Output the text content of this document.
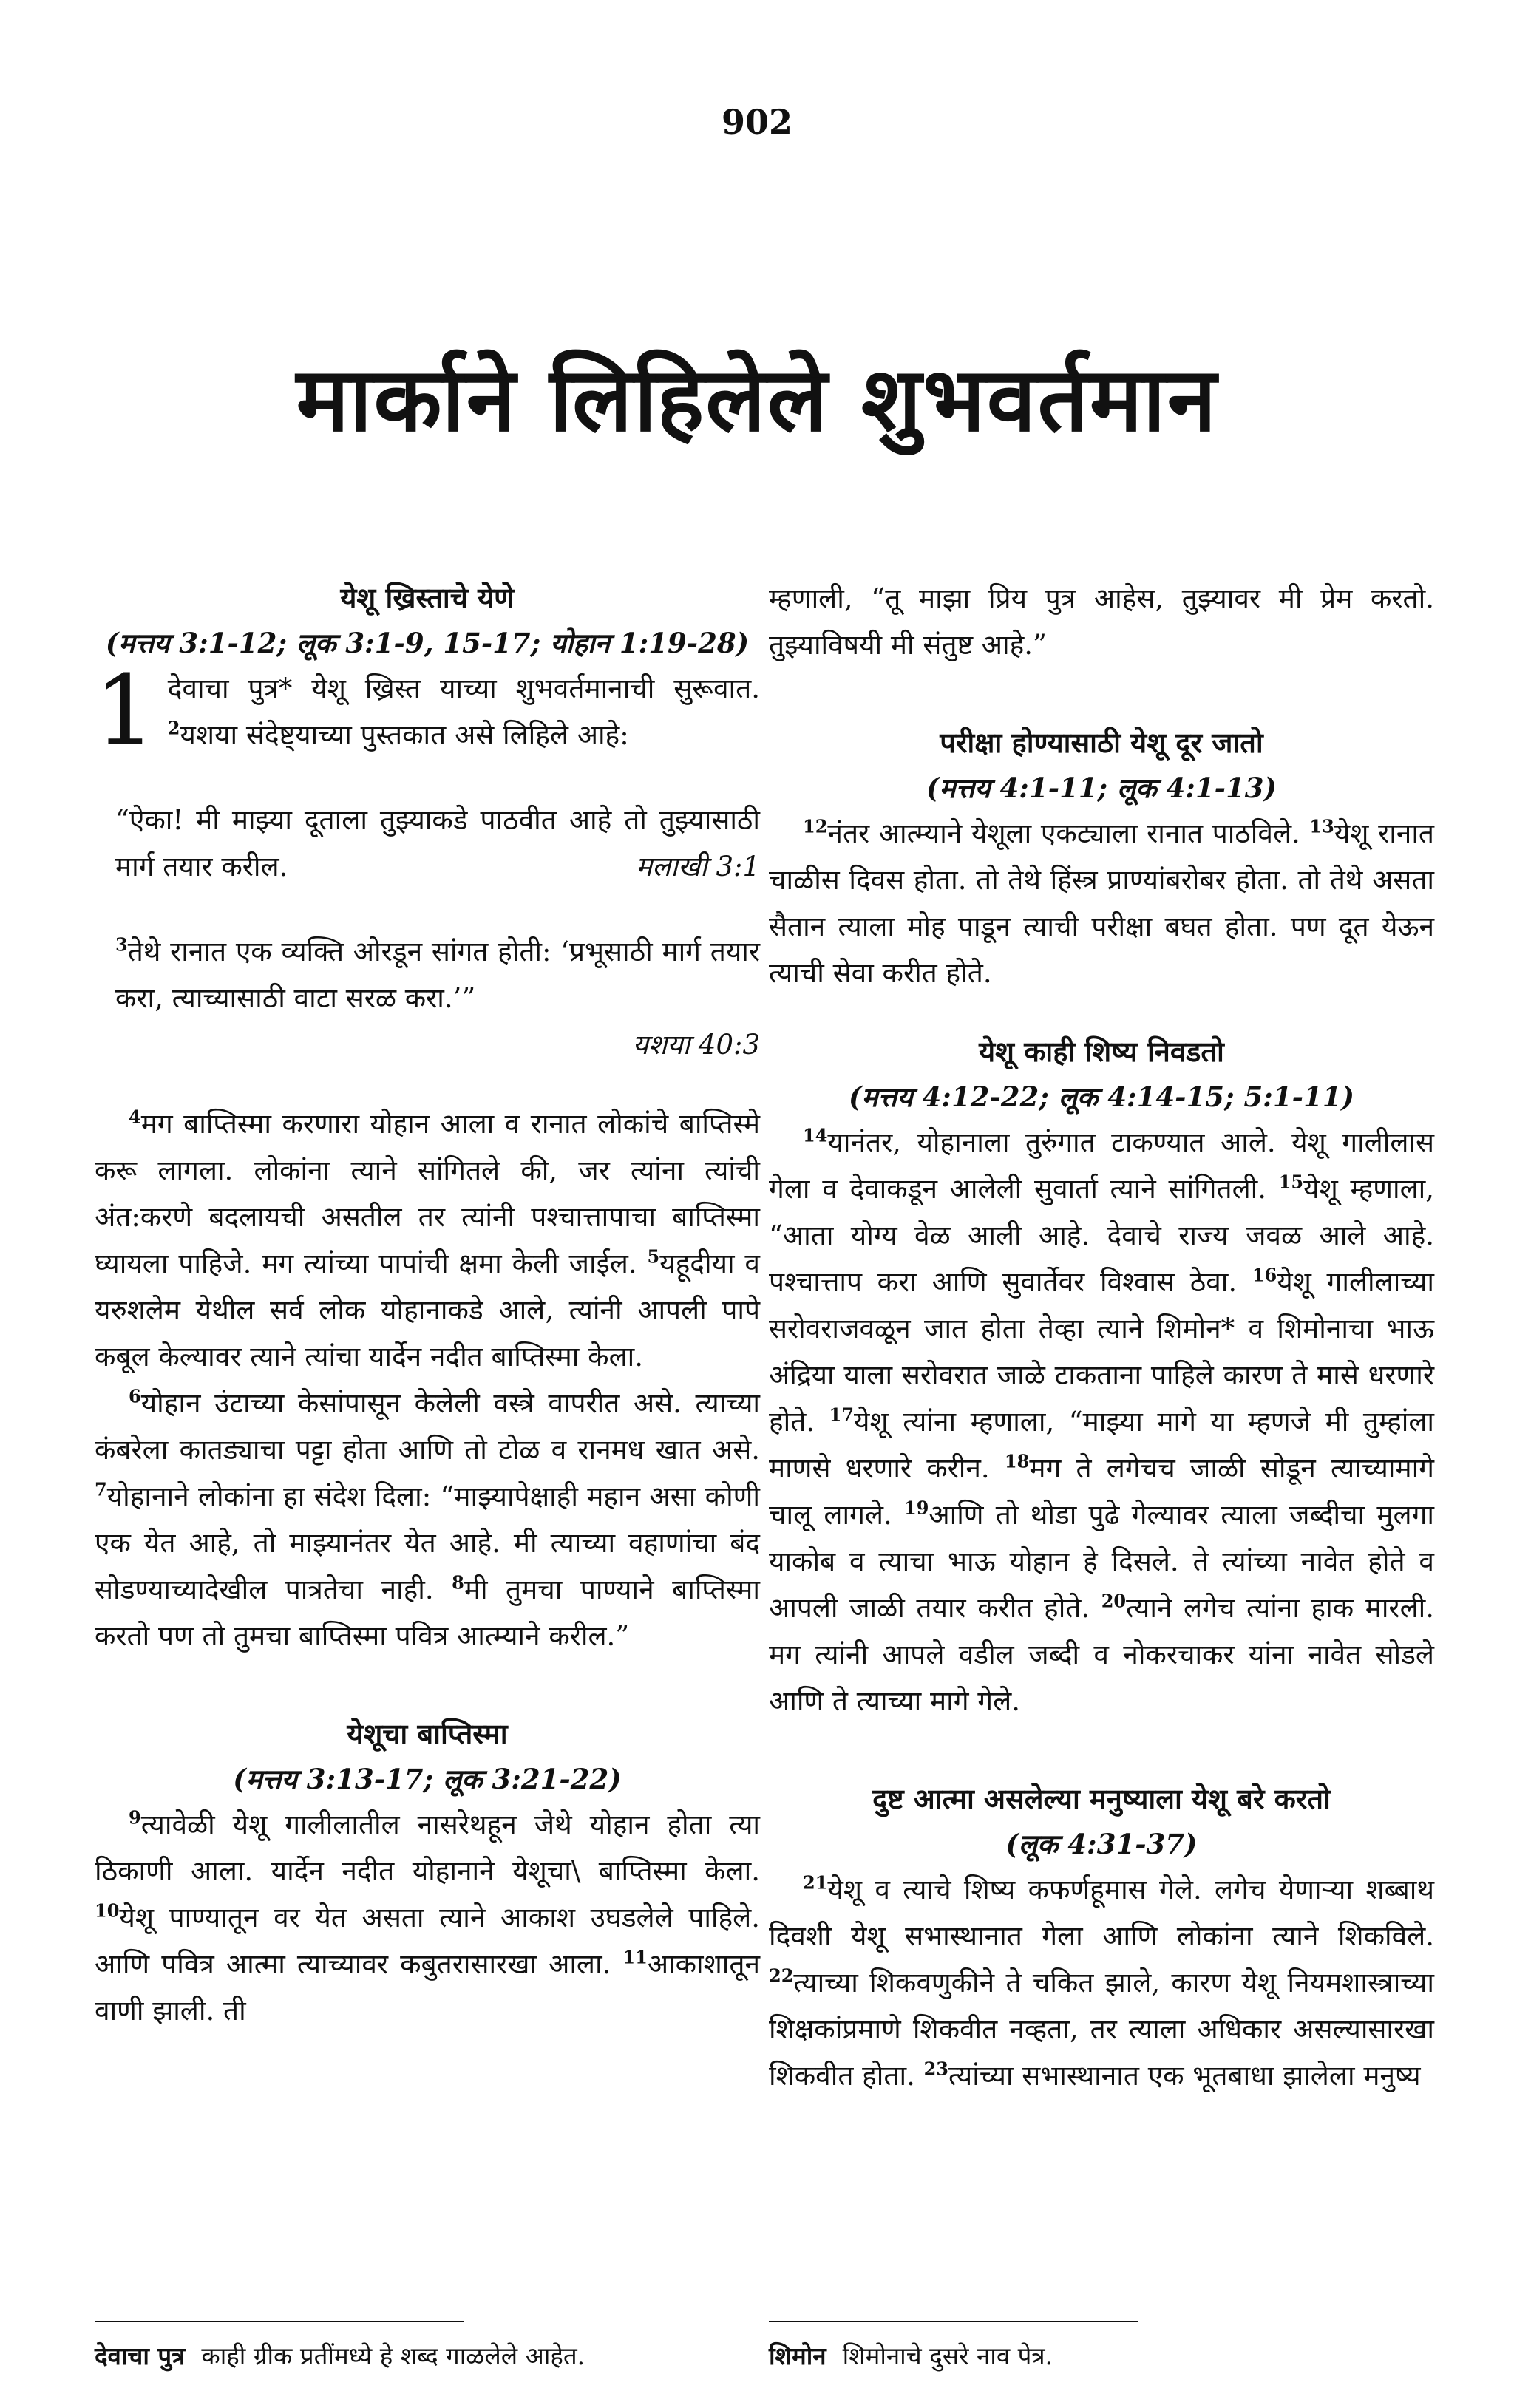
902
मार्काने लिहिलेले शुभवर्तमान

येशू ख्रिस्ताचे येणे

(मत्तय 3:1-12; लूक 3:1-9, 15-17; योहान 1:19-28)

1 देवाचा पुत्र* येशू ख्रिस्त याच्या शुभवर्तमानाची सुरूवात. $^2$यशया संदेष्ट्याच्या पुस्तकात असे लिहिले आहे:

“ऐका! मी माझ्या दूताला तुझ्याकडे पाठवीत आहे तो तुझ्यासाठी मार्ग तयार करील.	मलाखी 3:1

$^3$तेथे रानात एक व्यक्ति ओरडून सांगत होती: ‘प्रभूसाठी मार्ग तयार करा, त्याच्यासाठी वाटा सरळ करा.’”

यशया 40:3

$^4$मग बाप्तिस्मा करणारा योहान आला व रानात लोकांचे बाप्तिस्मे करू लागला. लोकांना त्याने सांगितले की, जर त्यांना त्यांची अंत:करणे बदलायची असतील तर त्यांनी पश्चात्तापाचा बाप्तिस्मा घ्यायला पाहिजे. मग त्यांच्या पापांची क्षमा केली जाईल. $^5$यहूदीया व यरुशलेम येथील सर्व लोक योहानाकडे आले, त्यांनी आपली पापे कबूल केल्यावर त्याने त्यांचा यार्देन नदीत बाप्तिस्मा केला.

$^6$योहान उंटाच्या केसांपासून केलेली वस्त्रे वापरीत असे. त्याच्या कंबरेला कातड्याचा पट्टा होता आणि तो टोळ व रानमध खात असे. $^7$योहानाने लोकांना हा संदेश दिला: “माझ्यापेक्षाही महान असा कोणी एक येत आहे, तो माझ्यानंतर येत आहे. मी त्याच्या वहाणांचा बंद सोडण्याच्यादेखील पात्रतेचा नाही. $^8$मी तुमचा पाण्याने बाप्तिस्मा करतो पण तो तुमचा बाप्तिस्मा पवित्र आत्म्याने करील.”

येशूचा बाप्तिस्मा

(मत्तय 3:13-17; लूक 3:21-22)

$^9$त्यावेळी येशू गालीलातील नासरेथहून जेथे योहान होता त्या ठिकाणी आला. यार्देन नदीत योहानाने येशूचा\ बाप्तिस्मा केला. $^{10}$येशू पाण्यातून वर येत असता त्याने आकाश उघडलेले पाहिले. आणि पवित्र आत्मा त्याच्यावर कबुतरासारखा आला. $^{11}$आकाशातून वाणी झाली. ती

म्हणाली, “तू माझा प्रिय पुत्र आहेस, तुझ्यावर मी प्रेम करतो. तुझ्याविषयी मी संतुष्ट आहे.”

परीक्षा होण्यासाठी येशू दूर जातो

(मत्तय 4:1-11; लूक 4:1-13)

$^{12}$नंतर आत्म्याने येशूला एकट्याला रानात पाठविले. $^{13}$येशू रानात चाळीस दिवस होता. तो तेथे हिंस्त्र प्राण्यांबरोबर होता. तो तेथे असता सैतान त्याला मोह पाडून त्याची परीक्षा बघत होता. पण दूत येऊन त्याची सेवा करीत होते.

येशू काही शिष्य निवडतो

(मत्तय 4:12-22; लूक 4:14-15; 5:1-11)

$^{14}$यानंतर, योहानाला तुरुंगात टाकण्यात आले. येशू गालीलास गेला व देवाकडून आलेली सुवार्ता त्याने सांगितली. $^{15}$येशू म्हणाला, “आता योग्य वेळ आली आहे. देवाचे राज्य जवळ आले आहे. पश्चात्ताप करा आणि सुवार्तेवर विश्वास ठेवा. $^{16}$येशू गालीलाच्या सरोवराजवळून जात होता तेव्हा त्याने शिमोन* व शिमोनाचा भाऊ अंद्रिया याला सरोवरात जाळे टाकताना पाहिले कारण ते मासे धरणारे होते. $^{17}$येशू त्यांना म्हणाला, “माझ्या मागे या म्हणजे मी तुम्हांला माणसे धरणारे करीन. $^{18}$मग ते लगेचच जाळी सोडून त्याच्यामागे चालू लागले. $^{19}$आणि तो थोडा पुढे गेल्यावर त्याला जब्दीचा मुलगा याकोब व त्याचा भाऊ योहान हे दिसले. ते त्यांच्या नावेत होते व आपली जाळी तयार करीत होते. $^{20}$त्याने लगेच त्यांना हाक मारली. मग त्यांनी आपले वडील जब्दी व नोकरचाकर यांना नावेत सोडले आणि ते त्याच्या मागे गेले.

दुष्ट आत्मा असलेल्या मनुष्याला येशू बरे करतो

(लूक 4:31-37)

$^{21}$येशू व त्याचे शिष्य कफर्णहूमास गेले. लगेच येणाऱ्या शब्बाथ दिवशी येशू सभास्थानात गेला आणि लोकांना त्याने शिकविले. $^{22}$त्याच्या शिकवणुकीने ते चकित झाले, कारण येशू नियमशास्त्राच्या शिक्षकांप्रमाणे शिकवीत नव्हता, तर त्याला अधिकार असल्यासारखा शिकवीत होता. $^{23}$त्यांच्या सभास्थानात एक भूतबाधा झालेला मनुष्य

देवाचा पुत्र काही ग्रीक प्रतींमध्ये हे शब्द गाळलेले आहेत.	शिमोन शिमोनाचे दुसरे नाव पेत्र.
